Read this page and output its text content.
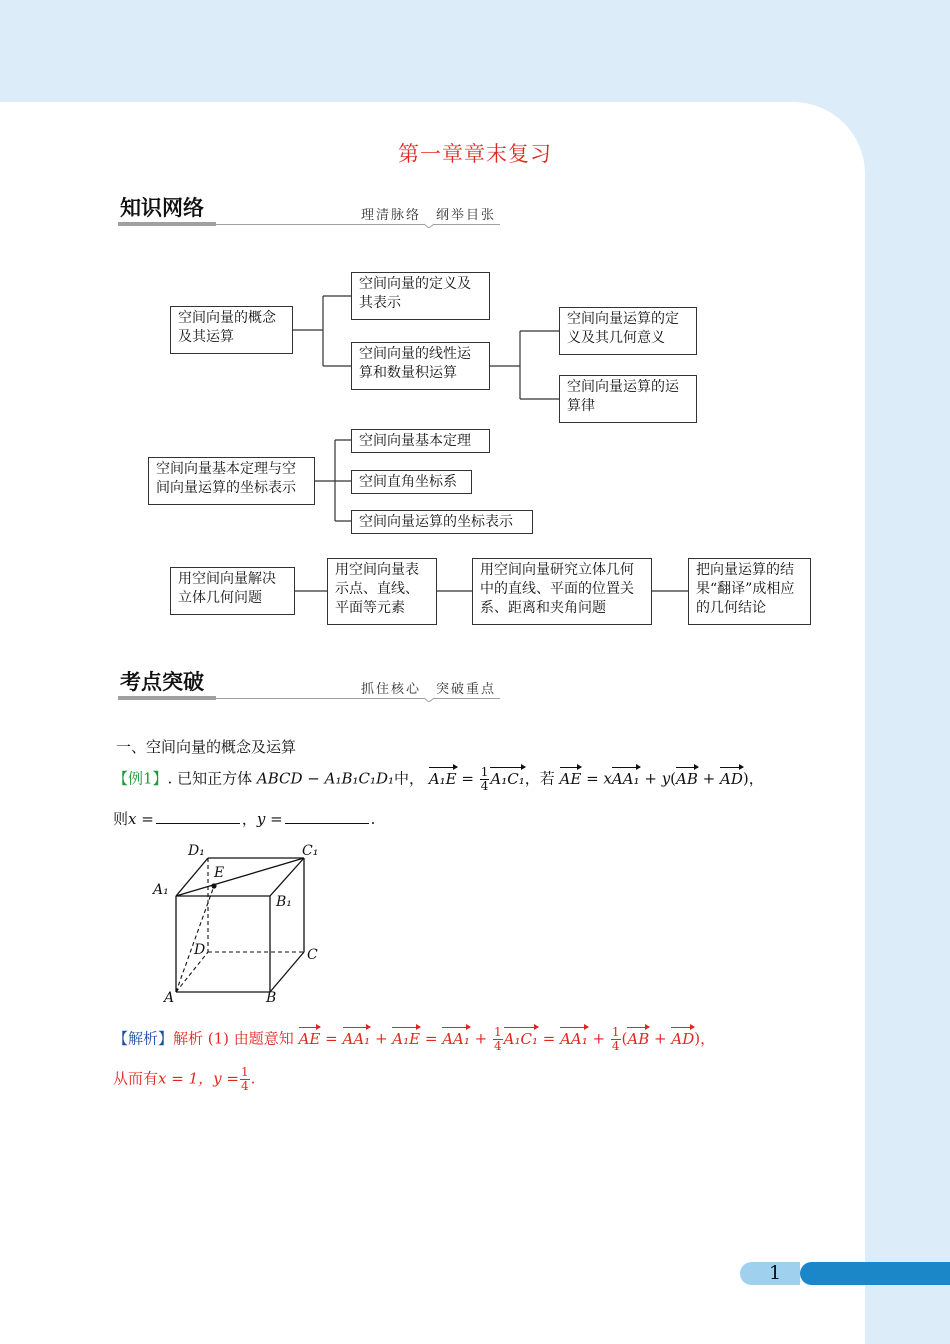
第一章章末复习
知识网络	理清脉络　纲举目张
空间向量的概念及其运算
空间向量的定义及其表示
空间向量的线性运算和数量积运算
空间向量运算的定义及其几何意义
空间向量运算的运算律
空间向量基本定理与空间向量运算的坐标表示
空间向量基本定理
空间直角坐标系
空间向量运算的坐标表示
用空间向量解决立体几何问题
用空间向量表示点、直线、平面等元素
用空间向量研究立体几何中的直线、平面的位置关系、距离和夹角问题
把向量运算的结果“翻译”成相应的几何结论
考点突破	抓住核心　突破重点
一、空间向量的概念及运算
【例1】. 已知正方体 ABCD − A₁B₁C₁D₁中， $A_1E = \frac{1}{4} A_1C_1$，若 AE = xAA₁ + y(AB + AD)，
则x =	，y =	.
D₁	C₁
E
A₁
B₁
D	C
A	B
【解析】解析 (1) 由题意知 AE = $AA_1 + A_1E = AA_1 + \frac{1}{4} A_1C_1 = AA_1 + \frac{1}{4} (AB + AD)$，
从而有x = 1，$y = \frac{1}{4}$ .
1
